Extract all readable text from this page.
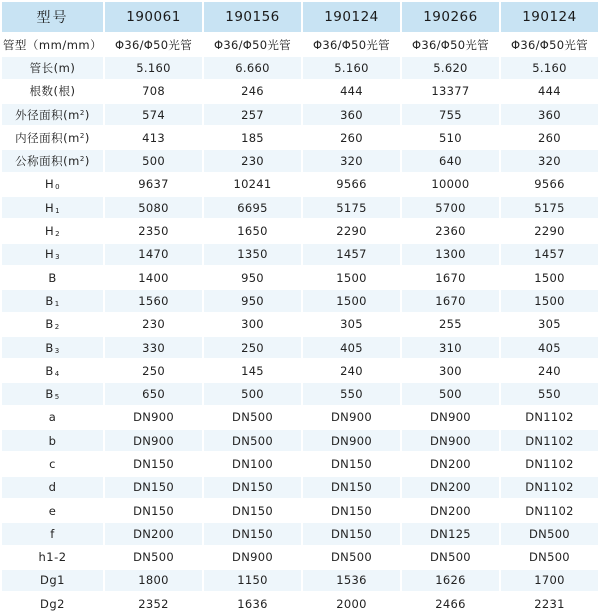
型号	190061	190156	190124	190266	190124
管型（mm/mm）	Φ36/Φ50光管	Φ36/Φ50光管	Φ36/Φ50光管	Φ36/Φ50光管	Φ36/Φ50光管
管长(m)	5.160	6.660	5.160	5.620	5.160
根数(根)	708	246	444	13377	444
外径面积$(m^2)$	574	257	360	755	360
内径面积$(m^2)$	413	185	260	510	260
公称面积$(m^2)$	500	230	320	640	320
$H_0$	9637	10241	9566	10000	9566
$H_1$	5080	6695	5175	5700	5175
$H_2$	2350	1650	2290	2360	2290
$H_3$	1470	1350	1457	1300	1457
B	1400	950	1500	1670	1500
$B_1$	1560	950	1500	1670	1500
$B_2$	230	300	305	255	305
$B_3$	330	250	405	310	405
$B_4$	250	145	240	300	240
$B_5$	650	500	550	500	550
a	DN900	DN500	DN900	DN900	DN1102
b	DN900	DN500	DN900	DN900	DN1102
c	DN150	DN100	DN150	DN200	DN1102
d	DN150	DN150	DN150	DN200	DN1102
e	DN150	DN150	DN150	DN200	DN1102
f	DN200	DN150	DN150	DN125	DN500
h1-2	DN500	DN900	DN500	DN500	DN500
Dg1	1800	1150	1536	1626	1700
Dg2	2352	1636	2000	2466	2231
